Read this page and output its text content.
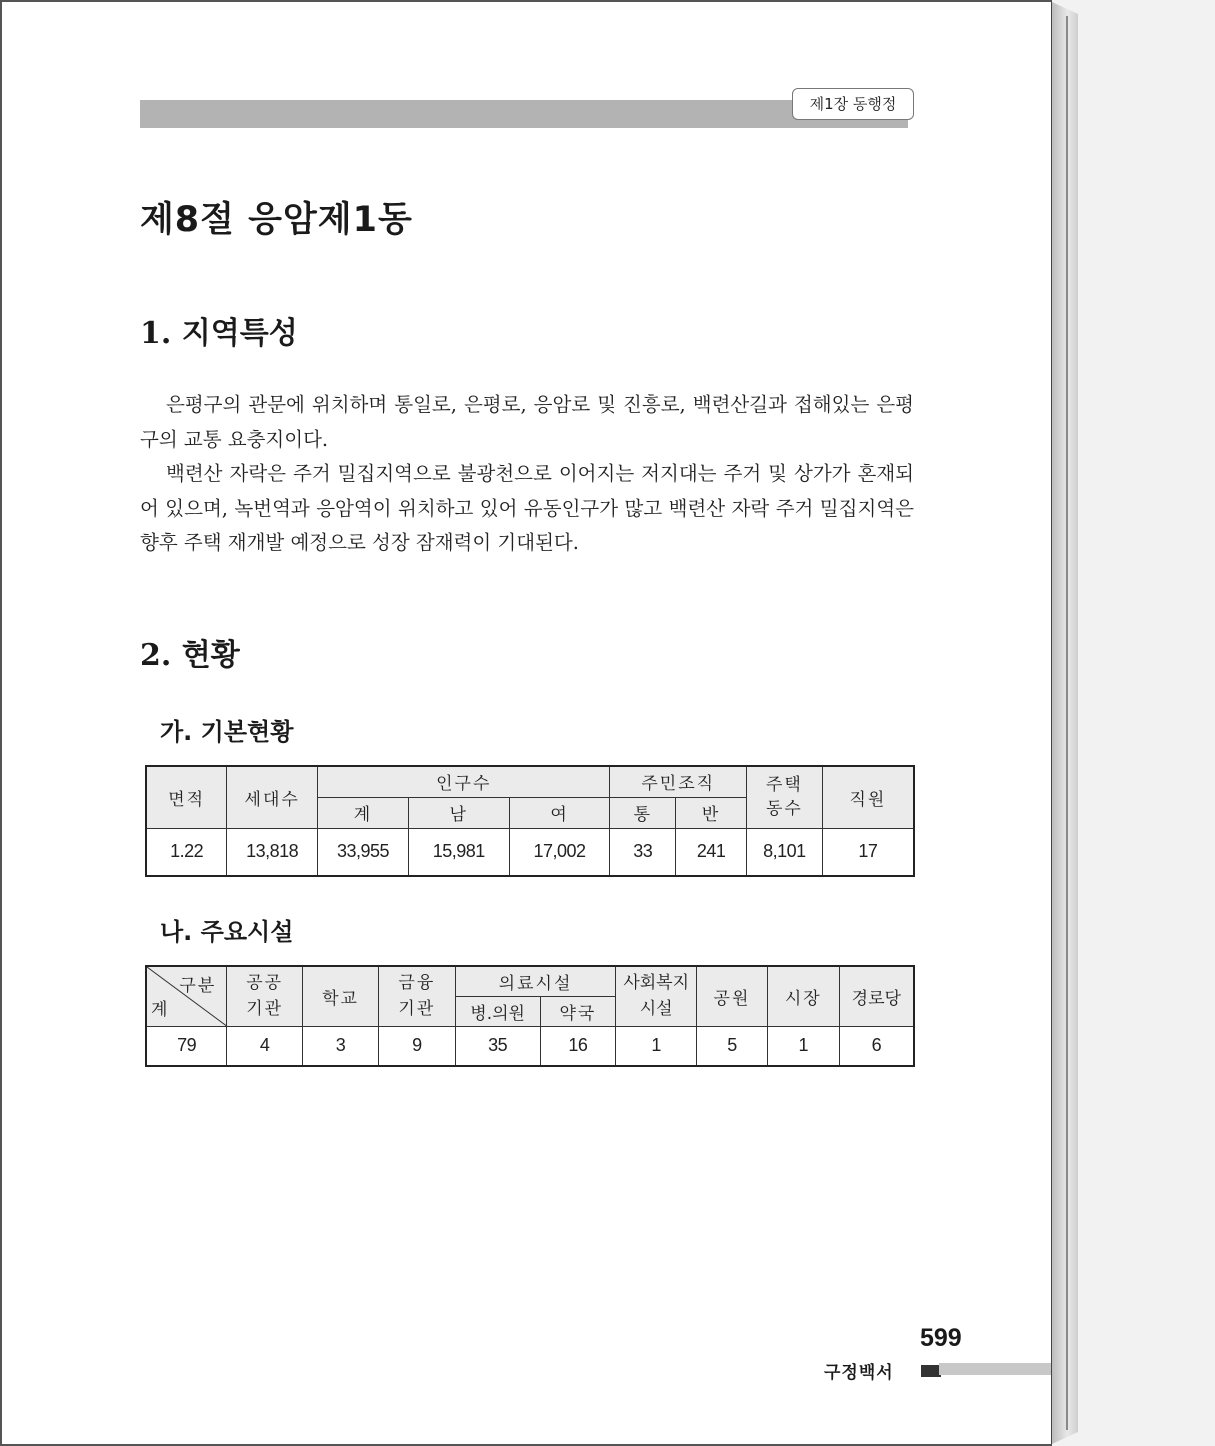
제1장 동행정
제8절 응암제1동
1. 지역특성

은평구의 관문에 위치하며 통일로, 은평로, 응암로 및 진흥로, 백련산길과 접해있는 은평구의 교통 요충지이다.

백련산 자락은 주거 밀집지역으로 불광천으로 이어지는 저지대는 주거 및 상가가 혼재되어 있으며, 녹번역과 응암역이 위치하고 있어 유동인구가 많고 백련산 자락 주거 밀집지역은 향후 주택 재개발 예정으로 성장 잠재력이 기대된다.

2. 현황
가. 기본현황
면적	세대수	인구수			주민조직		주택동수	직원
		계	남	여	통	반		
1.22	13,818	33,955	15,981	17,002	33	241	8,101	17
나. 주요시설
구분
계	공공기관	학교	금융기관	의료시설		사회복지시설	공원	시장	경로당
				병.의원	약국				
79	4	3	9	35	16	1	5	1	6
599
구정백서
